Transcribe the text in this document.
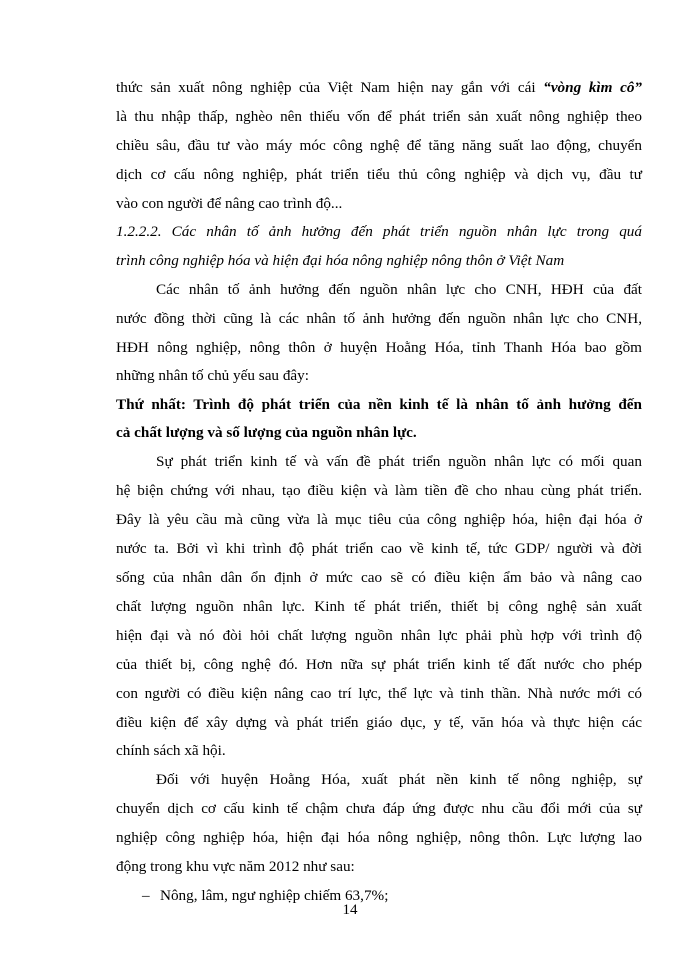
thức sản xuất nông nghiệp của Việt Nam hiện nay gắn với cái “vòng kìm cô”
là thu nhập thấp, nghèo nên thiếu vốn để phát triển sản xuất nông nghiệp theo
chiều sâu, đầu tư vào máy móc công nghệ để tăng năng suất lao động, chuyển
dịch cơ cấu nông nghiệp, phát triển tiểu thủ công nghiệp và dịch vụ, đầu tư
vào con người để nâng cao trình độ...
1.2.2.2. Các nhân tố ảnh hưởng đến phát triển nguồn nhân lực trong quá
trình công nghiệp hóa và hiện đại hóa nông nghiệp nông thôn ở Việt Nam
Các nhân tố ảnh hưởng đến nguồn nhân lực cho CNH, HĐH của đất
nước đồng thời cũng là các nhân tố ảnh hưởng đến nguồn nhân lực cho CNH,
HĐH nông nghiệp, nông thôn ở huyện Hoằng Hóa, tỉnh Thanh Hóa bao gồm
những nhân tố chủ yếu sau đây:
Thứ nhất: Trình độ phát triển của nền kinh tế là nhân tố ảnh hưởng đến
cả chất lượng và số lượng của nguồn nhân lực.
Sự phát triển kinh tế và vấn đề phát triển nguồn nhân lực có mối quan
hệ biện chứng với nhau, tạo điều kiện và làm tiền đề cho nhau cùng phát triển.
Đây là yêu cầu mà cũng vừa là mục tiêu của công nghiệp hóa, hiện đại hóa ở
nước ta. Bởi vì khi trình độ phát triển cao về kinh tế, tức GDP/ người và đời
sống của nhân dân ổn định ở mức cao sẽ có điều kiện ẩm bảo và nâng cao
chất lượng nguồn nhân lực. Kinh tế phát triển, thiết bị công nghệ sản xuất
hiện đại và nó đòi hỏi chất lượng nguồn nhân lực phải phù hợp với trình độ
của thiết bị, công nghệ đó. Hơn nữa sự phát triển kinh tế đất nước cho phép
con người có điều kiện nâng cao trí lực, thể lực và tinh thần. Nhà nước mới có
điều kiện để xây dựng và phát triển giáo dục, y tế, văn hóa và thực hiện các
chính sách xã hội.
Đối với huyện Hoằng Hóa, xuất phát nền kinh tế nông nghiệp, sự
chuyển dịch cơ cấu kinh tế chậm chưa đáp ứng được nhu cầu đổi mới của sự
nghiệp công nghiệp hóa, hiện đại hóa nông nghiệp, nông thôn. Lực lượng lao
động trong khu vực năm 2012 như sau:
– Nông, lâm, ngư nghiệp chiếm 63,7%;
14
